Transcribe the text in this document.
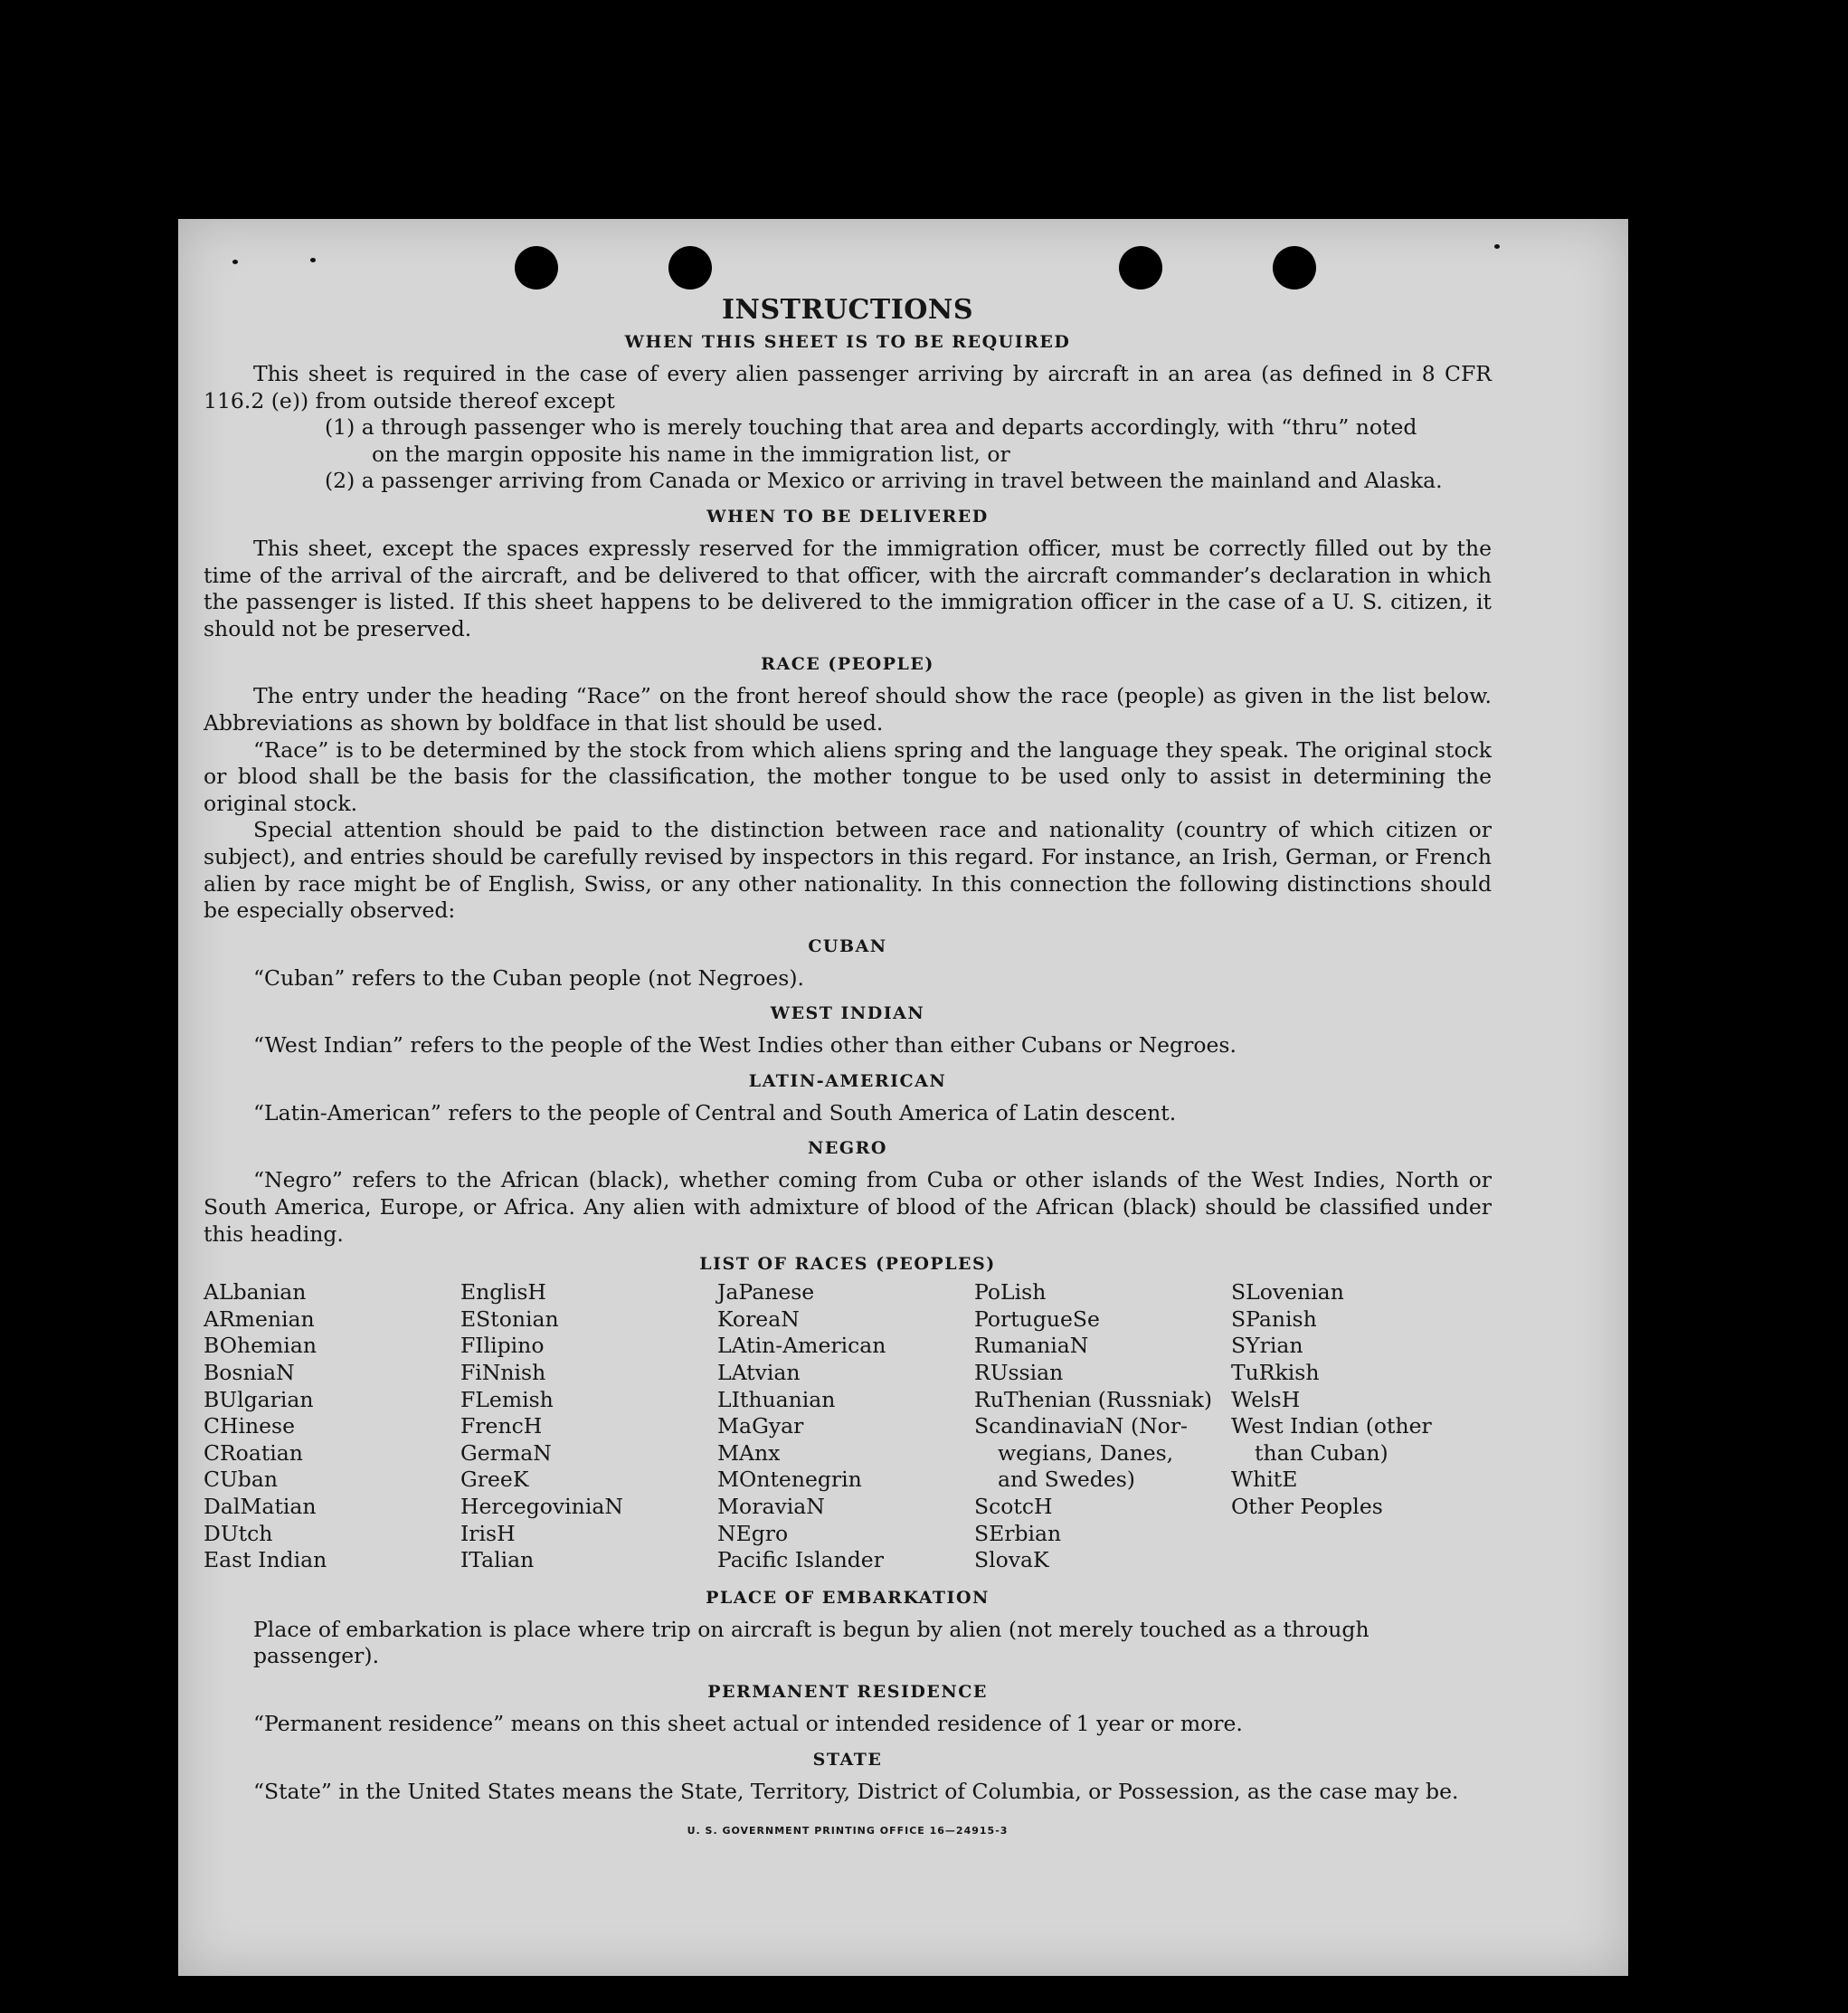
INSTRUCTIONS
WHEN THIS SHEET IS TO BE REQUIRED

This sheet is required in the case of every alien passenger arriving by aircraft in an area (as defined in 8 CFR 116.2 (e)) from outside thereof except

(1) a through passenger who is merely touching that area and departs accordingly, with “thru” noted

on the margin opposite his name in the immigration list, or

(2) a passenger arriving from Canada or Mexico or arriving in travel between the mainland and Alaska.

WHEN TO BE DELIVERED

This sheet, except the spaces expressly reserved for the immigration officer, must be correctly filled out by the time of the arrival of the aircraft, and be delivered to that officer, with the aircraft commander’s declaration in which the passenger is listed. If this sheet happens to be delivered to the immigration officer in the case of a U. S. citizen, it should not be preserved.

RACE (PEOPLE)

The entry under the heading “Race” on the front hereof should show the race (people) as given in the list below. Abbreviations as shown by boldface in that list should be used.

“Race” is to be determined by the stock from which aliens spring and the language they speak. The original stock or blood shall be the basis for the classification, the mother tongue to be used only to assist in determining the original stock.

Special attention should be paid to the distinction between race and nationality (country of which citizen or subject), and entries should be carefully revised by inspectors in this regard. For instance, an Irish, German, or French alien by race might be of English, Swiss, or any other nationality. In this connection the following distinctions should be especially observed:

CUBAN

“Cuban” refers to the Cuban people (not Negroes).

WEST INDIAN

“West Indian” refers to the people of the West Indies other than either Cubans or Negroes.

LATIN-AMERICAN

“Latin-American” refers to the people of Central and South America of Latin descent.

NEGRO

“Negro” refers to the African (black), whether coming from Cuba or other islands of the West Indies, North or South America, Europe, or Africa. Any alien with admixture of blood of the African (black) should be classified under this heading.

LIST OF RACES (PEOPLES)
ALbanian
ARmenian
BOhemian
BosniaN
BUlgarian
CHinese
CRoatian
CUban
DalMatian
DUtch
East Indian
EnglisH
EStonian
FIlipino
FiNnish
FLemish
FrencH
GermaN
GreeK
HercegoviniaN
IrisH
ITalian
JaPanese
KoreaN
LAtin-American
LAtvian
LIthuanian
MaGyar
MAnx
MOntenegrin
MoraviaN
NEgro
Pacific Islander
PoLish
PortugueSe
RumaniaN
RUssian
RuThenian (Russniak)
ScandinaviaN (Nor-
wegians, Danes,
and Swedes)
ScotcH
SErbian
SlovaK
SLovenian
SPanish
SYrian
TuRkish
WelsH
West Indian (other
than Cuban)
WhitE
Other Peoples
PLACE OF EMBARKATION

Place of embarkation is place where trip on aircraft is begun by alien (not merely touched as a through passenger).

PERMANENT RESIDENCE

“Permanent residence” means on this sheet actual or intended residence of 1 year or more.

STATE

“State” in the United States means the State, Territory, District of Columbia, or Possession, as the case may be.

U. S. GOVERNMENT PRINTING OFFICE 16—24915-3
